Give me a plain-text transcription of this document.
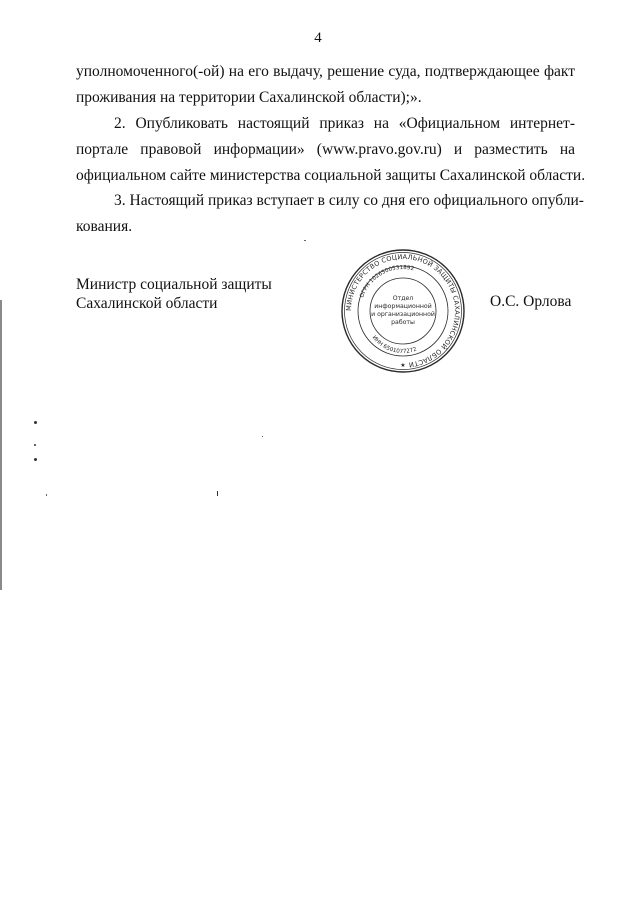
4
уполномоченного(-ой) на его выдачу, решение суда, подтверждающее факт
проживания на территории Сахалинской области);».
2. Опубликовать настоящий приказ на «Официальном интернет-
портале правовой информации» (www.pravo.gov.ru) и разместить на
официальном сайте министерства социальной защиты Сахалинской области.
3. Настоящий приказ вступает в силу со дня его официального опубли-
кования.
Министр социальной защиты
Сахалинской области	МИНИСТЕРСТВО СОЦИАЛЬНОЙ ЗАЩИТЫ САХАЛИНСКОЙ ОБЛАСТИ
ОГРН 1026500531892
ИНН 6501077272
Отдел
информационной
и организационной
работы
★
О.С. Орлова
